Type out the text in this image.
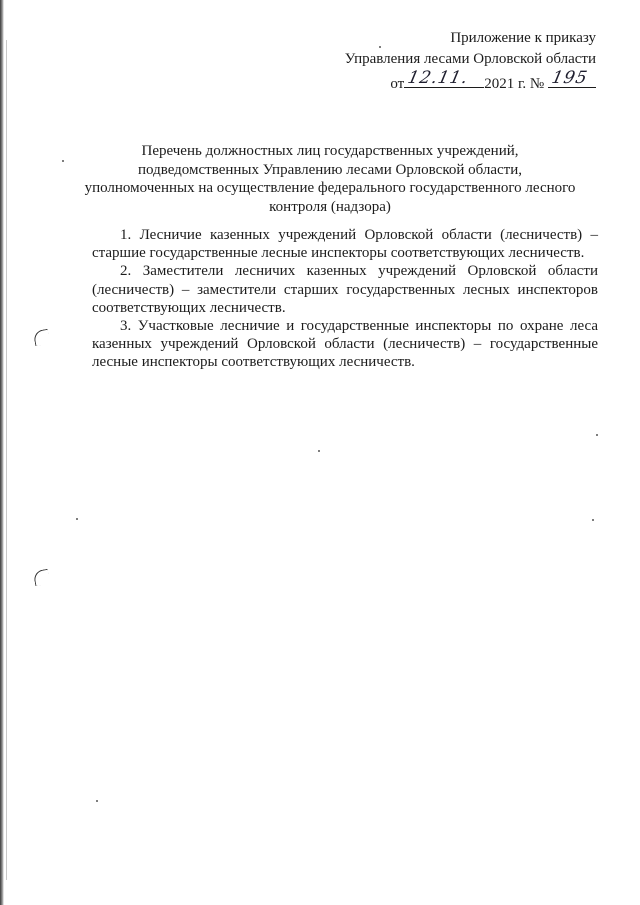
Приложение к приказу
Управления лесами Орловской области
от 12.11. 2021 г. № 195
Перечень должностных лиц государственных учреждений,
подведомственных Управлению лесами Орловской области,
уполномоченных на осуществление федерального государственного лесного
контроля (надзора)

1. Лесничие казенных учреждений Орловской области (лесничеств) – старшие государственные лесные инспекторы соответствующих лесничеств.

2. Заместители лесничих казенных учреждений Орловской области (лесничеств) – заместители старших государственных лесных инспекторов соответствующих лесничеств.

3. Участковые лесничие и государственные инспекторы по охране леса казенных учреждений Орловской области (лесничеств) – государственные лесные инспекторы соответствующих лесничеств.
